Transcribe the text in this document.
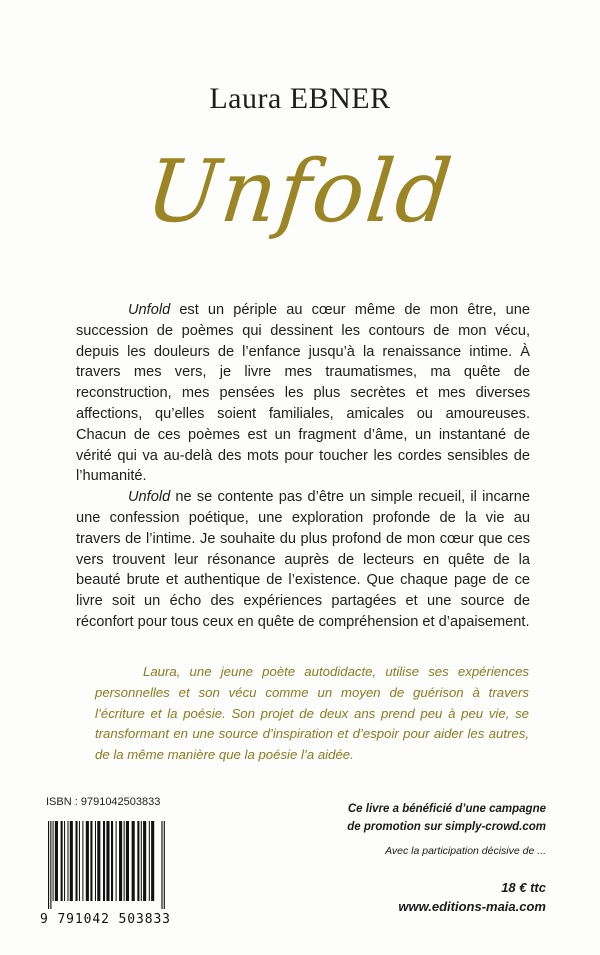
Laura EBNER
Unfold

Unfold est un périple au cœur même de mon être, une succession de poèmes qui dessinent les contours de mon vécu, depuis les douleurs de l’enfance jusqu’à la renaissance intime. À travers mes vers, je livre mes traumatismes, ma quête de reconstruction, mes pensées les plus secrètes et mes diverses affections, qu’elles soient familiales, amicales ou amoureuses. Chacun de ces poèmes est un fragment d’âme, un instantané de vérité qui va au-delà des mots pour toucher les cordes sensibles de l’humanité.

Unfold ne se contente pas d’être un simple recueil, il incarne une confession poétique, une exploration profonde de la vie au travers de l’intime. Je souhaite du plus profond de mon cœur que ces vers trouvent leur résonance auprès de lecteurs en quête de la beauté brute et authentique de l’existence. Que chaque page de ce livre soit un écho des expériences partagées et une source de réconfort pour tous ceux en quête de compréhension et d’apaisement.

Laura, une jeune poète autodidacte, utilise ses expériences personnelles et son vécu comme un moyen de guérison à travers l’écriture et la poésie. Son projet de deux ans prend peu à peu vie, se transformant en une source d’inspiration et d’espoir pour aider les autres, de la même manière que la poésie l’a aidée.

ISBN : 9791042503833
9 791042 503833
Ce livre a bénéficié d’une campagne
de promotion sur simply-crowd.com
Avec la participation décisive de ...
18 € ttc
www.editions-maia.com
